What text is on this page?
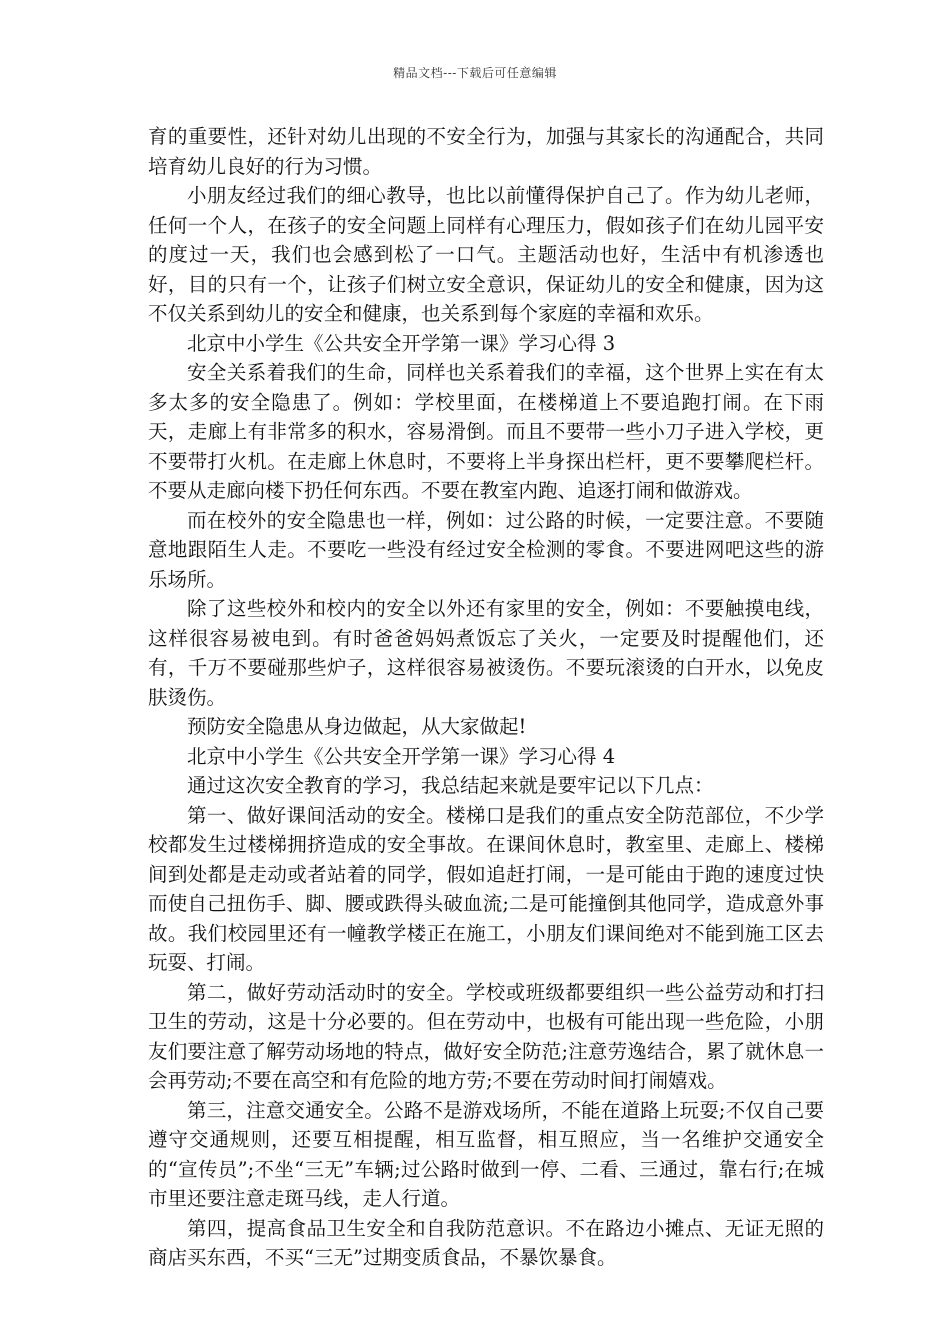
精品文档---下载后可任意编辑

育的重要性，还针对幼儿出现的不安全行为，加强与其家长的沟通配合，共同培育幼儿良好的行为习惯。

小朋友经过我们的细心教导，也比以前懂得保护自己了。作为幼儿老师，任何一个人，在孩子的安全问题上同样有心理压力，假如孩子们在幼儿园平安的度过一天，我们也会感到松了一口气。主题活动也好，生活中有机渗透也好，目的只有一个，让孩子们树立安全意识，保证幼儿的安全和健康，因为这不仅关系到幼儿的安全和健康，也关系到每个家庭的幸福和欢乐。

北京中小学生《公共安全开学第一课》学习心得 3

安全关系着我们的生命，同样也关系着我们的幸福，这个世界上实在有太多太多的安全隐患了。例如：学校里面，在楼梯道上不要追跑打闹。在下雨天，走廊上有非常多的积水，容易滑倒。而且不要带一些小刀子进入学校，更不要带打火机。在走廊上休息时，不要将上半身探出栏杆，更不要攀爬栏杆。不要从走廊向楼下扔任何东西。不要在教室内跑、追逐打闹和做游戏。

而在校外的安全隐患也一样，例如：过公路的时候，一定要注意。不要随意地跟陌生人走。不要吃一些没有经过安全检测的零食。不要进网吧这些的游乐场所。

除了这些校外和校内的安全以外还有家里的安全，例如：不要触摸电线，这样很容易被电到。有时爸爸妈妈煮饭忘了关火，一定要及时提醒他们，还有，千万不要碰那些炉子，这样很容易被烫伤。不要玩滚烫的白开水，以免皮肤烫伤。

预防安全隐患从身边做起，从大家做起!

北京中小学生《公共安全开学第一课》学习心得 4

通过这次安全教育的学习，我总结起来就是要牢记以下几点：

第一、做好课间活动的安全。楼梯口是我们的重点安全防范部位，不少学校都发生过楼梯拥挤造成的安全事故。在课间休息时，教室里、走廊上、楼梯间到处都是走动或者站着的同学，假如追赶打闹，一是可能由于跑的速度过快而使自己扭伤手、脚、腰或跌得头破血流;二是可能撞倒其他同学，造成意外事故。我们校园里还有一幢教学楼正在施工，小朋友们课间绝对不能到施工区去玩耍、打闹。

第二，做好劳动活动时的安全。学校或班级都要组织一些公益劳动和打扫卫生的劳动，这是十分必要的。但在劳动中，也极有可能出现一些危险，小朋友们要注意了解劳动场地的特点，做好安全防范;注意劳逸结合，累了就休息一会再劳动;不要在高空和有危险的地方劳;不要在劳动时间打闹嬉戏。

第三，注意交通安全。公路不是游戏场所，不能在道路上玩耍;不仅自己要遵守交通规则，还要互相提醒，相互监督，相互照应，当一名维护交通安全的“宣传员”;不坐“三无”车辆;过公路时做到一停、二看、三通过，靠右行;在城市里还要注意走斑马线，走人行道。

第四，提高食品卫生安全和自我防范意识。不在路边小摊点、无证无照的商店买东西，不买“三无”过期变质食品，不暴饮暴食。
